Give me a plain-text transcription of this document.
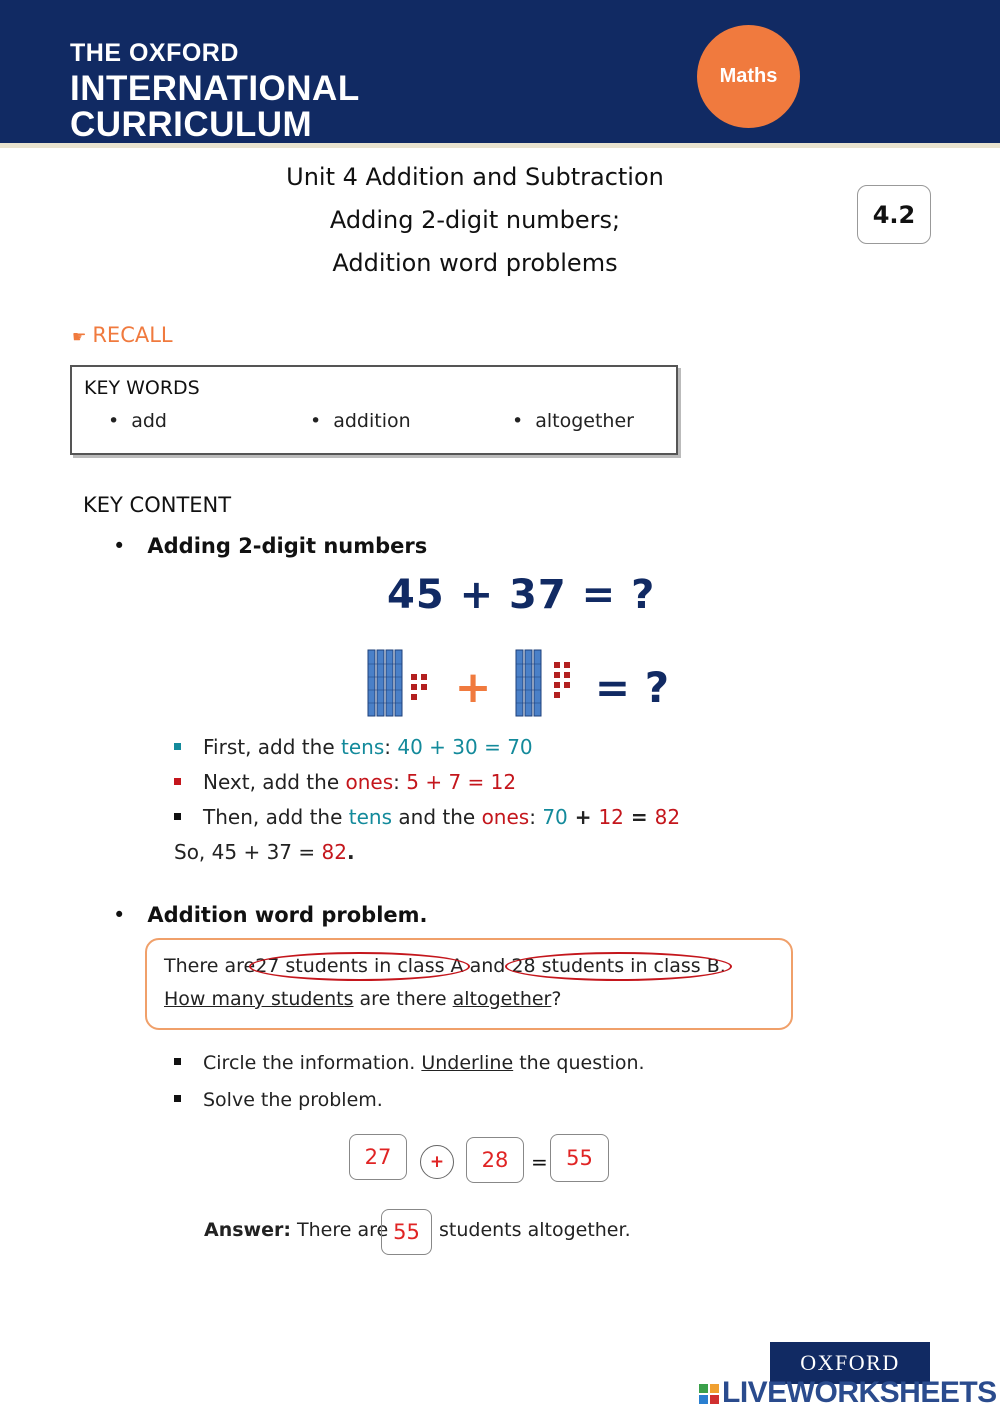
THE OXFORD
INTERNATIONAL
CURRICULUM
Maths
Unit 4 Addition and Subtraction
Adding 2-digit numbers;
Addition word problems
4.2
☛ RECALL
KEY WORDS
• add	• addition	• altogether
KEY CONTENT
• Adding 2-digit numbers
45 + 37 = ?
+ = ?
First, add the tens: 40 + 30 = 70
Next, add the ones: 5 + 7 = 12
Then, add the tens and the ones: 70 + 12 = 82
So, 45 + 37 = 82.
• Addition word problem.
There are
27 students in class A and
28 students in class B.
How many students are there altogether?
Circle the information. Underline the question.
Solve the problem.
27	+	28	= 55
Answer: There are 55	students altogether.
OXFORD
LIVEWORKSHEETS
